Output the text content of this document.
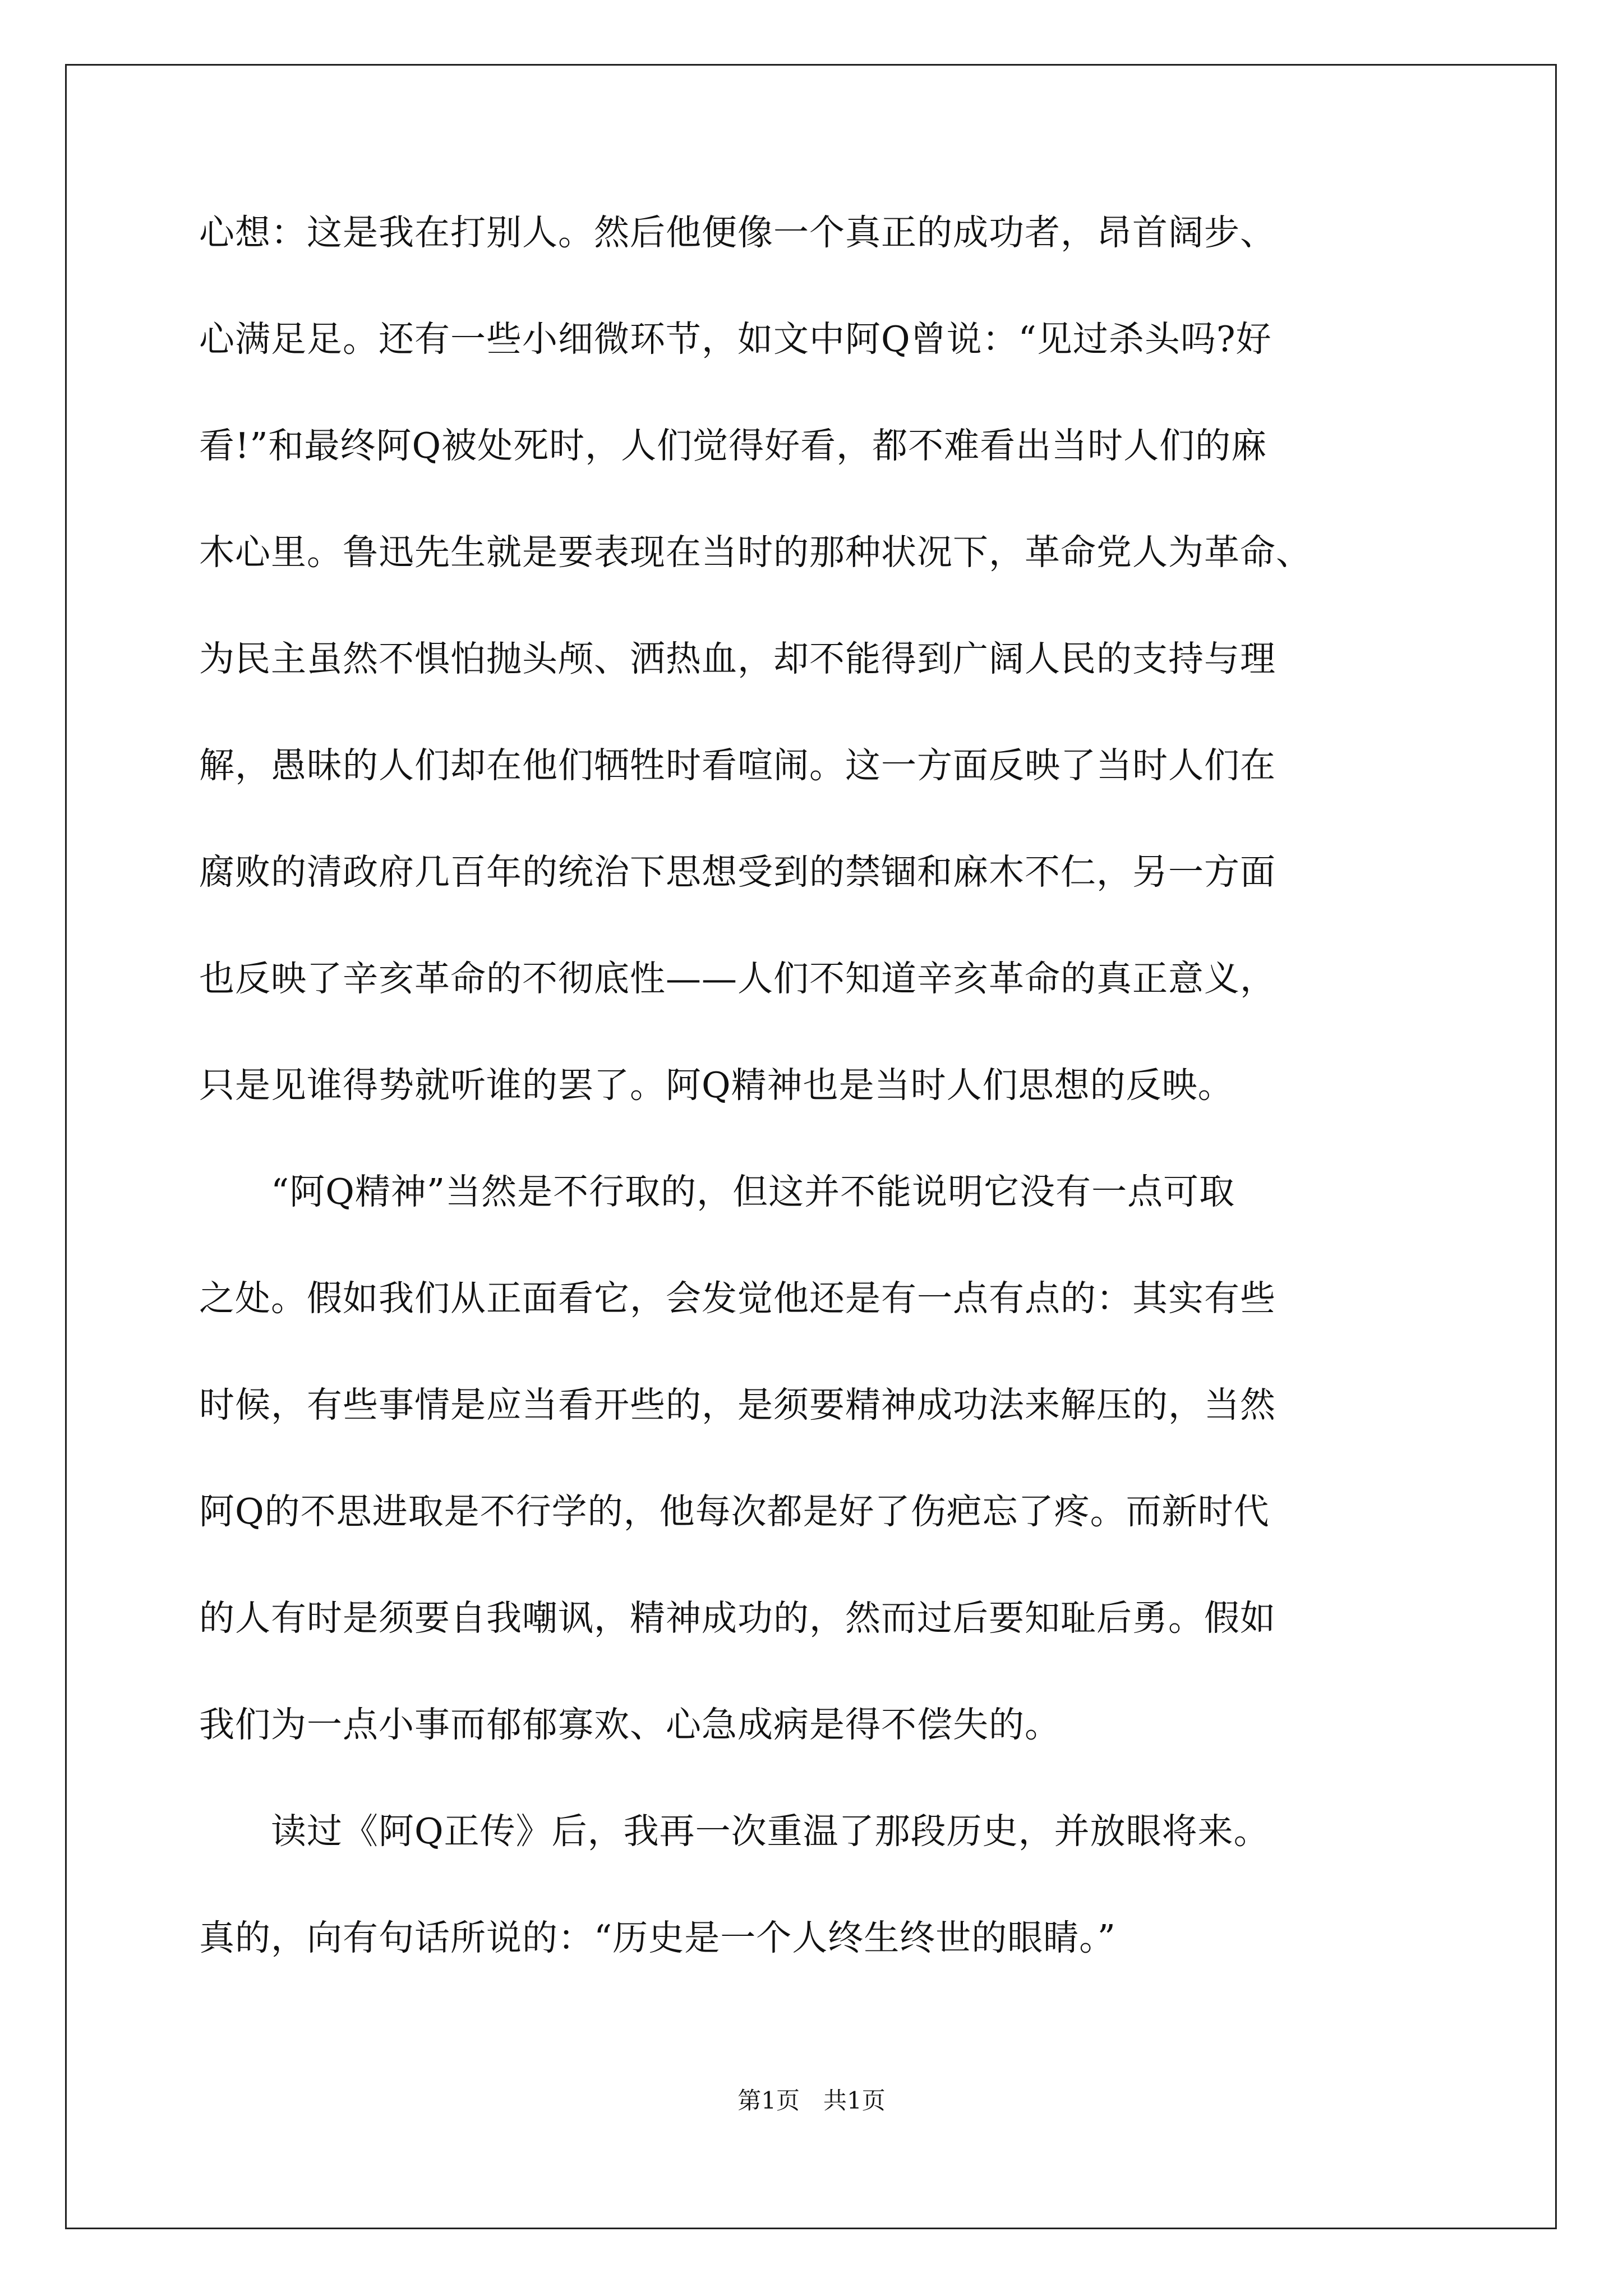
心想：这是我在打别人。然后他便像一个真正的成功者，昂首阔步、
心满足足。还有一些小细微环节，如文中阿Q曾说：“见过杀头吗?好
看!”和最终阿Q被处死时，人们觉得好看，都不难看出当时人们的麻
木心里。鲁迅先生就是要表现在当时的那种状况下，革命党人为革命、
为民主虽然不惧怕抛头颅、洒热血，却不能得到广阔人民的支持与理
解，愚昧的人们却在他们牺牲时看喧闹。这一方面反映了当时人们在
腐败的清政府几百年的统治下思想受到的禁锢和麻木不仁，另一方面
也反映了辛亥革命的不彻底性——人们不知道辛亥革命的真正意义，
只是见谁得势就听谁的罢了。阿Q精神也是当时人们思想的反映。
　　“阿Q精神”当然是不行取的，但这并不能说明它没有一点可取
之处。假如我们从正面看它，会发觉他还是有一点有点的：其实有些
时候，有些事情是应当看开些的，是须要精神成功法来解压的，当然
阿Q的不思进取是不行学的，他每次都是好了伤疤忘了疼。而新时代
的人有时是须要自我嘲讽，精神成功的，然而过后要知耻后勇。假如
我们为一点小事而郁郁寡欢、心急成病是得不偿失的。
　　读过《阿Q正传》后，我再一次重温了那段历史，并放眼将来。
真的，向有句话所说的：“历史是一个人终生终世的眼睛。”
第1页　共1页
